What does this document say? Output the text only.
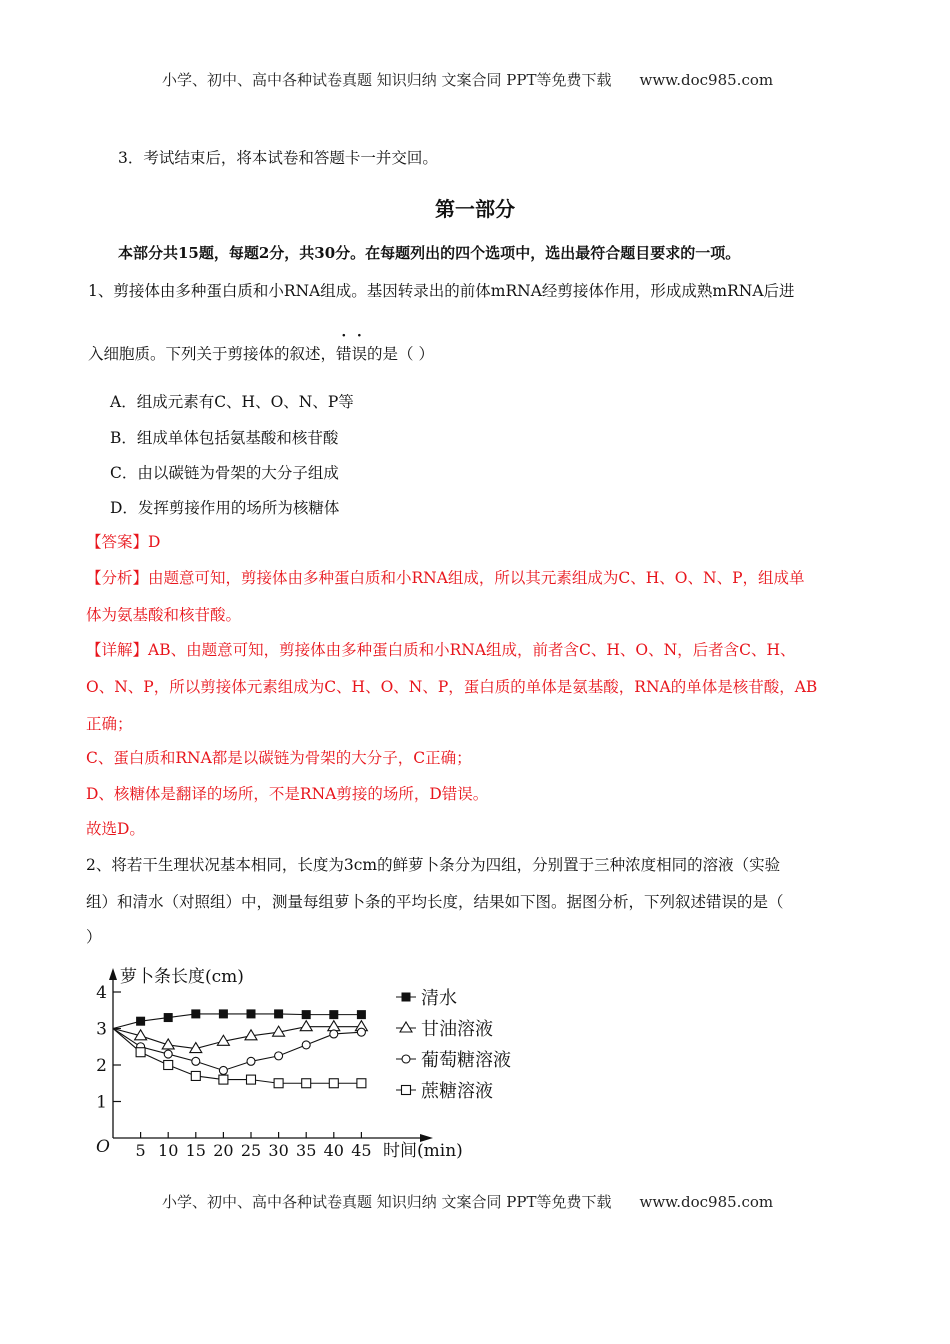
小学、初中、高中各种试卷真题 知识归纳 文案合同 PPT等免费下载 www.doc985.com
3．考试结束后，将本试卷和答题卡一并交回。
第一部分
本部分共15题，每题2分，共30分。在每题列出的四个选项中，选出最符合题目要求的一项。
1、剪接体由多种蛋白质和小RNA组成。基因转录出的前体mRNA经剪接体作用，形成成熟mRNA后进
入细胞质。下列关于剪接体的叙述，错误的是（ ）
A．组成元素有C、H、O、N、P等
B．组成单体包括氨基酸和核苷酸
C．由以碳链为骨架的大分子组成
D．发挥剪接作用的场所为核糖体
【答案】D
【分析】由题意可知，剪接体由多种蛋白质和小RNA组成，所以其元素组成为C、H、O、N、P，组成单
体为氨基酸和核苷酸。
【详解】AB、由题意可知，剪接体由多种蛋白质和小RNA组成，前者含C、H、O、N，后者含C、H、
O、N、P，所以剪接体元素组成为C、H、O、N、P，蛋白质的单体是氨基酸，RNA的单体是核苷酸，AB
正确；
C、蛋白质和RNA都是以碳链为骨架的大分子，C正确；
D、核糖体是翻译的场所，不是RNA剪接的场所，D错误。
故选D。
2、将若干生理状况基本相同，长度为3cm的鲜萝卜条分为四组，分别置于三种浓度相同的溶液（实验
组）和清水（对照组）中，测量每组萝卜条的平均长度，结果如下图。据图分析，下列叙述错误的是（
）
1
2
3
4
5 10 15 20 25 30 35 40 45
O
萝卜条长度(cm)
时间(min)
清水
甘油溶液
葡萄糖溶液
蔗糖溶液
小学、初中、高中各种试卷真题 知识归纳 文案合同 PPT等免费下载 www.doc985.com
